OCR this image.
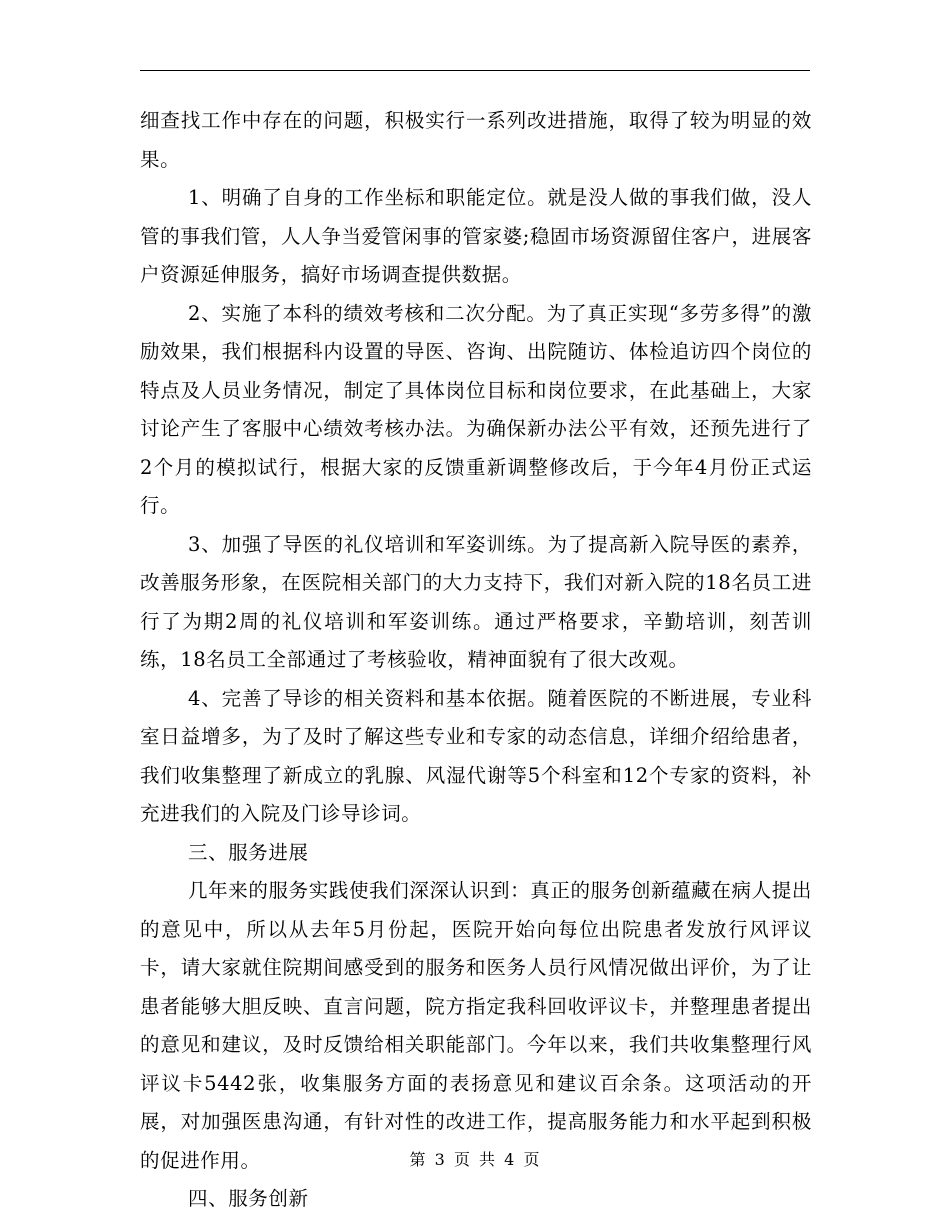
细查找工作中存在的问题，积极实行一系列改进措施，取得了较为明显的效果。

1、明确了自身的工作坐标和职能定位。就是没人做的事我们做，没人管的事我们管，人人争当爱管闲事的管家婆;稳固市场资源留住客户，进展客户资源延伸服务，搞好市场调查提供数据。

2、实施了本科的绩效考核和二次分配。为了真正实现“多劳多得”的激励效果，我们根据科内设置的导医、咨询、出院随访、体检追访四个岗位的特点及人员业务情况，制定了具体岗位目标和岗位要求，在此基础上，大家讨论产生了客服中心绩效考核办法。为确保新办法公平有效，还预先进行了2个月的模拟试行，根据大家的反馈重新调整修改后，于今年4月份正式运行。

3、加强了导医的礼仪培训和军姿训练。为了提高新入院导医的素养，改善服务形象，在医院相关部门的大力支持下，我们对新入院的18名员工进行了为期2周的礼仪培训和军姿训练。通过严格要求，辛勤培训，刻苦训练，18名员工全部通过了考核验收，精神面貌有了很大改观。

4、完善了导诊的相关资料和基本依据。随着医院的不断进展，专业科室日益增多，为了及时了解这些专业和专家的动态信息，详细介绍给患者，我们收集整理了新成立的乳腺、风湿代谢等5个科室和12个专家的资料，补充进我们的入院及门诊导诊词。

三、服务进展

几年来的服务实践使我们深深认识到：真正的服务创新蕴藏在病人提出的意见中，所以从去年5月份起，医院开始向每位出院患者发放行风评议卡，请大家就住院期间感受到的服务和医务人员行风情况做出评价，为了让患者能够大胆反映、直言问题，院方指定我科回收评议卡，并整理患者提出的意见和建议，及时反馈给相关职能部门。今年以来，我们共收集整理行风评议卡5442张，收集服务方面的表扬意见和建议百余条。这项活动的开展，对加强医患沟通，有针对性的改进工作，提高服务能力和水平起到积极的促进作用。

四、服务创新

第 3 页 共 4 页
